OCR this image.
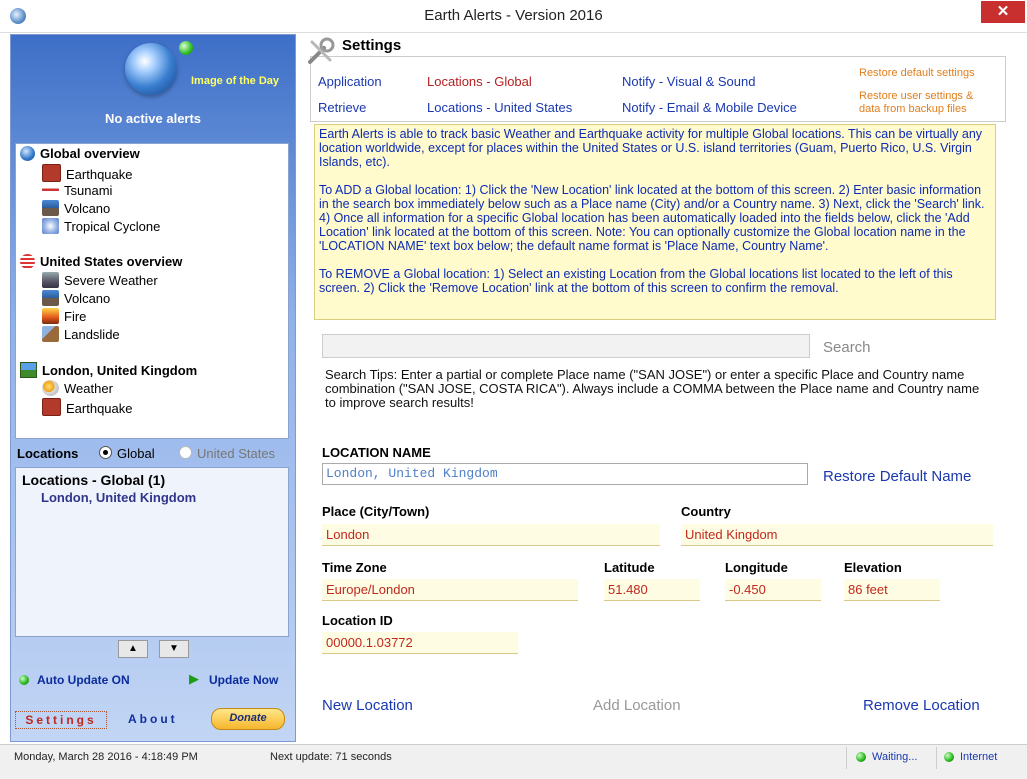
Earth Alerts - Version 2016	✕
Image of the Day
No active alerts
Global overview
Earthquake
Tsunami
Volcano
Tropical Cyclone
United States overview
Severe Weather
Volcano
Fire
Landslide
London, United Kingdom
Weather
Earthquake
Locations	Global	United States
Locations - Global (1)
London, United Kingdom
▲	▼
Auto Update ON	▶ Update Now
Settings	About	Donate
Settings
Application	Locations - Global	Notify - Visual & Sound
Retrieve	Locations - United States	Notify - Email & Mobile Device
Restore default settings
Restore user settings &
data from backup files

Earth Alerts is able to track basic Weather and Earthquake activity for multiple Global locations. This can be virtually any location worldwide, except for places within the United States or U.S. island territories (Guam, Puerto Rico, U.S. Virgin Islands, etc).

To ADD a Global location: 1) Click the 'New Location' link located at the bottom of this screen. 2) Enter basic information in the search box immediately below such as a Place name (City) and/or a Country name. 3) Next, click the 'Search' link. 4) Once all information for a specific Global location has been automatically loaded into the fields below, click the 'Add Location' link located at the bottom of this screen. Note: You can optionally customize the Global location name in the 'LOCATION NAME' text box below; the default name format is 'Place Name, Country Name'.

To REMOVE a Global location: 1) Select an existing Location from the Global locations list located to the left of this screen. 2) Click the 'Remove Location' link at the bottom of this screen to confirm the removal.

Search
Search Tips: Enter a partial or complete Place name ("SAN JOSE") or enter a specific Place and Country name combination ("SAN JOSE, COSTA RICA"). Always include a COMMA between the Place name and Country name to improve search results!
LOCATION NAME
London, United Kingdom	Restore Default Name
Place (City/Town)
London
Country
United Kingdom
Time Zone
Europe/London
Latitude
51.480
Longitude
-0.450
Elevation
86 feet
Location ID
00000.1.03772
New Location	Add Location	Remove Location
Monday, March 28 2016 - 4:18:49 PM	Next update: 71 seconds	Waiting...	Internet
